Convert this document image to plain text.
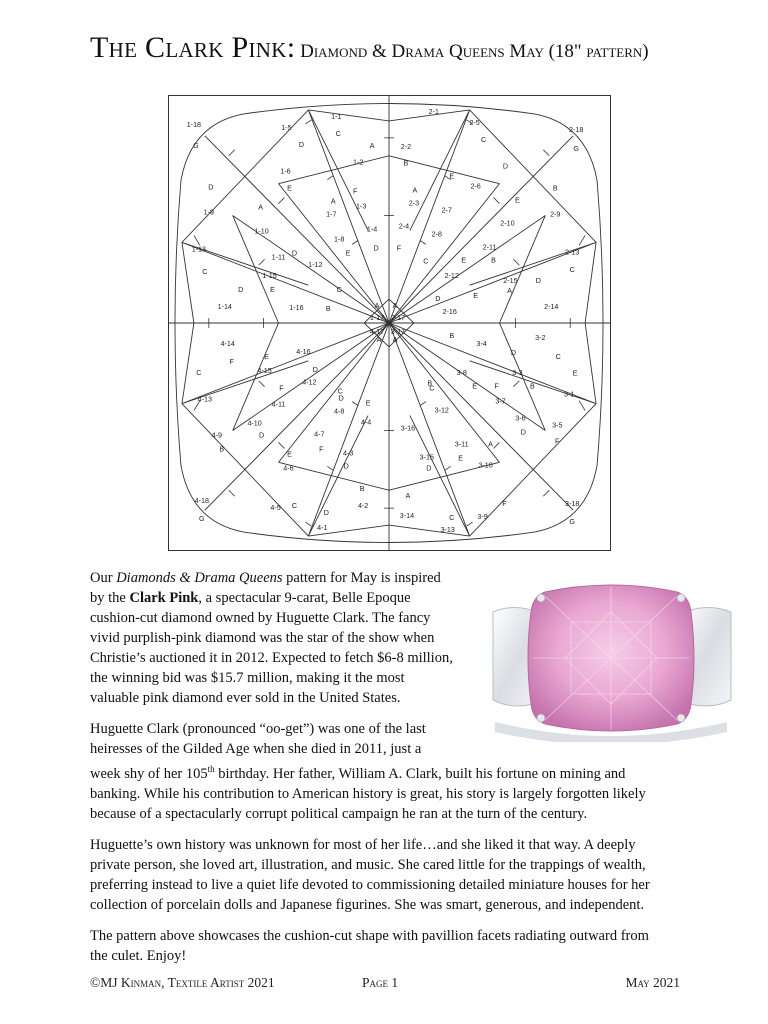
The Clark Pink: Diamond & Drama Queens May (18" pattern)
1-18
G
1-1
C
1-5
D	A
1-2
1-6
E
D
1-9
A
F
1-3
A
1-7
1-10	1-4
1-8
1-13
C
1-11 D
1-12
E
D
1-15
E
D	C
1-14	1-16	B
2-1
2-5
C
2-18
G
2-2
B	D
2-6
E
E
B
A
2-3
2-7	2-9
2-4	2-10
2-8
F	2-11
C	E	B
2-13
C
2-12
2-15
A
D
E
D
2-14
2-16
A A
1-17 2-17
4-17 3-17
A A	B
3-4
3-2
D	C
3-3	E
3-8
E F	B
3-7
3-1
C
B
3-12
3-6
3-5
D
F
3-16
3-11	A
E
3-15
3-10
D
A
F	3-18
3-14	C	3-9
G
3-13
4-14
E
4-16
F
4-15
C	D
4-12
F
4-13
4-11
C
4-8
E
D
4-10
D
4-4
4-9
B
4-7
F
E	4-3
D
4-6
B
4-18
G
4-5 C
D
4-2
4-1

Our Diamonds & Drama Queens pattern for May is inspired
by the Clark Pink, a spectacular 9-carat, Belle Epoque
cushion-cut diamond owned by Huguette Clark. The fancy
vivid purplish-pink diamond was the star of the show when
Christie’s auctioned it in 2012. Expected to fetch $6-8 million,
the winning bid was $15.7 million, making it the most
valuable pink diamond ever sold in the United States.

Huguette Clark (pronounced “oo-get”) was one of the last
heiresses of the Gilded Age when she died in 2011, just a
week shy of her 105th birthday. Her father, William A. Clark, built his fortune on mining and
banking. While his contribution to American history is great, his story is largely forgotten likely
because of a spectacularly corrupt political campaign he ran at the turn of the century.

Huguette’s own history was unknown for most of her life…and she liked it that way. A deeply
private person, she loved art, illustration, and music. She cared little for the trappings of wealth,
preferring instead to live a quiet life devoted to commissioning detailed miniature houses for her
collection of porcelain dolls and Japanese figurines. She was smart, generous, and independent.

The pattern above showcases the cushion-cut shape with pavillion facets radiating outward from
the culet. Enjoy!

©MJ Kinman, Textile Artist 2021	Page 1	May 2021
